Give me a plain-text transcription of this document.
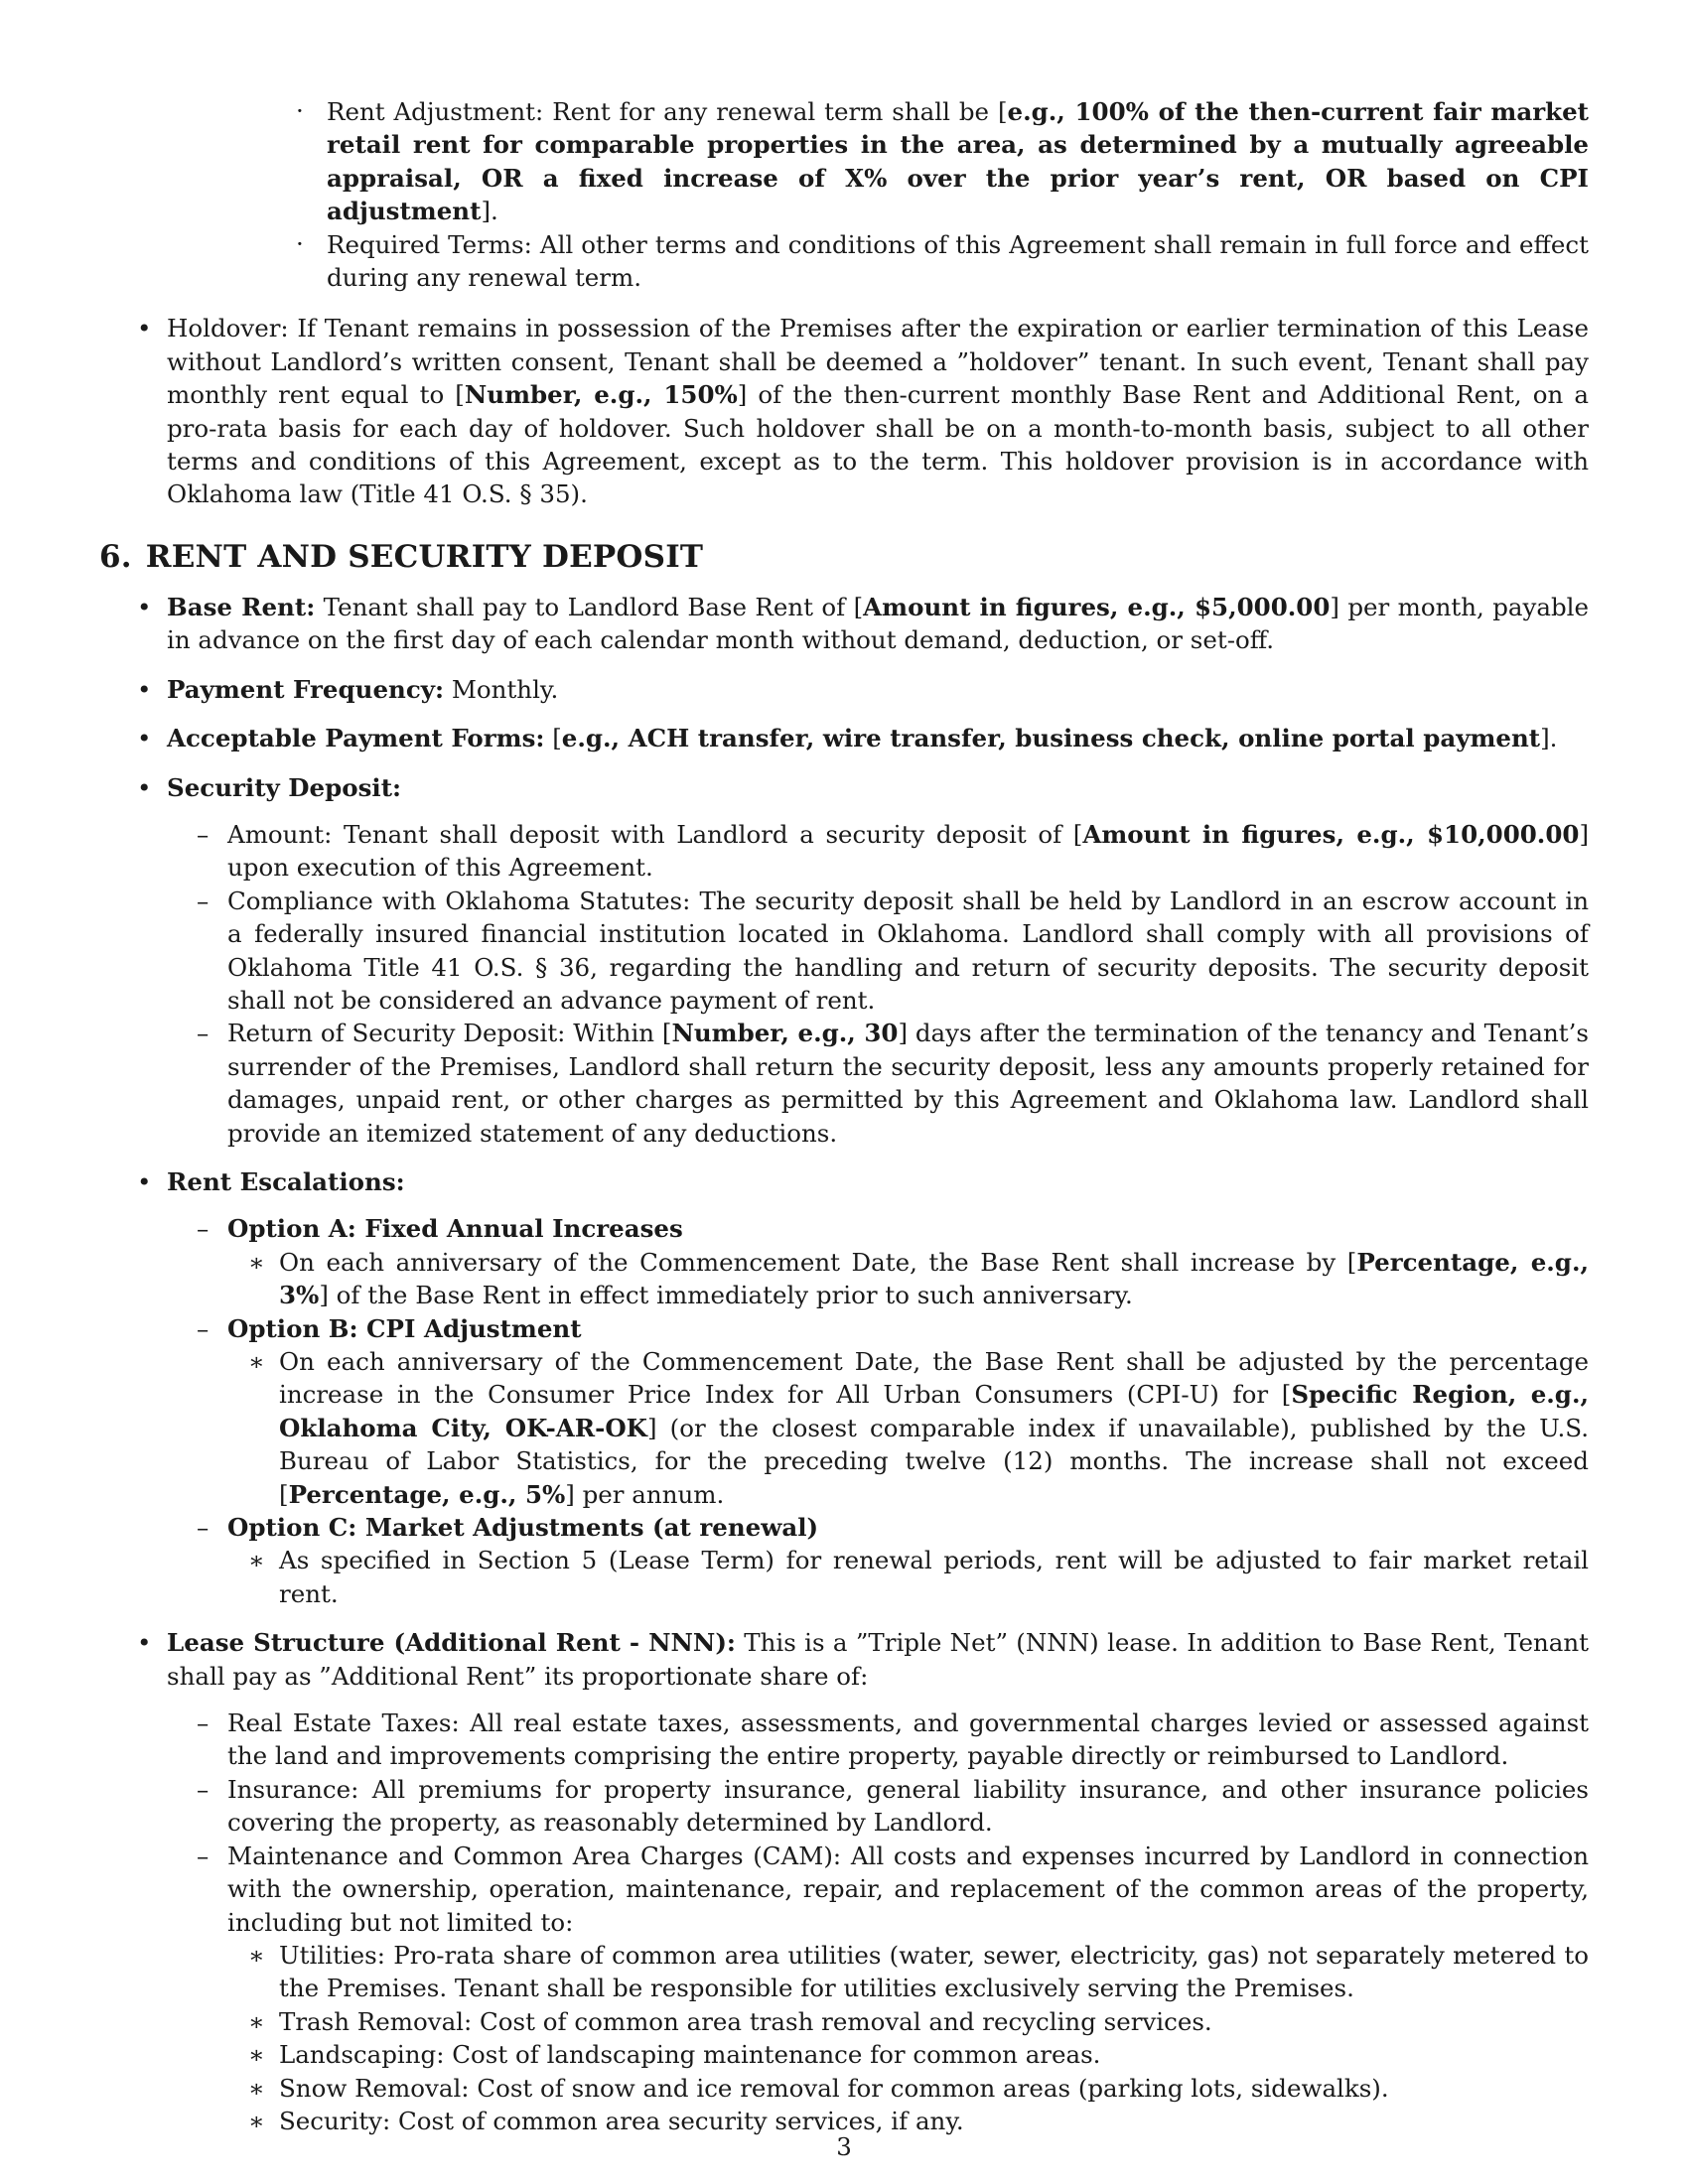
· Rent Adjustment: Rent for any renewal term shall be [e.g., 100% of the then-current fair market retail rent for comparable properties in the area, as determined by a mutually agreeable appraisal, OR a fixed increase of X% over the prior year’s rent, OR based on CPI adjustment].
· Required Terms: All other terms and conditions of this Agreement shall remain in full force and effect during any renewal term.
• Holdover: If Tenant remains in possession of the Premises after the expiration or earlier termination of this Lease without Landlord’s written consent, Tenant shall be deemed a ”holdover” tenant. In such event, Tenant shall pay monthly rent equal to [Number, e.g., 150%] of the then-current monthly Base Rent and Additional Rent, on a pro-rata basis for each day of holdover. Such holdover shall be on a month-to-month basis, subject to all other terms and conditions of this Agreement, except as to the term. This holdover provision is in accordance with Oklahoma law (Title 41 O.S. § 35).
6. RENT AND SECURITY DEPOSIT
• Base Rent: Tenant shall pay to Landlord Base Rent of [Amount in figures, e.g., $5,000.00] per month, payable in advance on the first day of each calendar month without demand, deduction, or set-off.
• Payment Frequency: Monthly.
• Acceptable Payment Forms: [e.g., ACH transfer, wire transfer, business check, online portal payment].
• Security Deposit:
– Amount: Tenant shall deposit with Landlord a security deposit of [Amount in figures, e.g., $10,000.00] upon execution of this Agreement.
– Compliance with Oklahoma Statutes: The security deposit shall be held by Landlord in an escrow account in a federally insured financial institution located in Oklahoma. Landlord shall comply with all provisions of Oklahoma Title 41 O.S. § 36, regarding the handling and return of security deposits. The security deposit shall not be considered an advance payment of rent.
– Return of Security Deposit: Within [Number, e.g., 30] days after the termination of the tenancy and Tenant’s surrender of the Premises, Landlord shall return the security deposit, less any amounts properly retained for damages, unpaid rent, or other charges as permitted by this Agreement and Oklahoma law. Landlord shall provide an itemized statement of any deductions.
• Rent Escalations:
– Option A: Fixed Annual Increases
∗ On each anniversary of the Commencement Date, the Base Rent shall increase by [Percentage, e.g., 3%] of the Base Rent in effect immediately prior to such anniversary.
– Option B: CPI Adjustment
∗ On each anniversary of the Commencement Date, the Base Rent shall be adjusted by the percentage increase in the Consumer Price Index for All Urban Consumers (CPI-U) for [Specific Region, e.g., Oklahoma City, OK-AR-OK] (or the closest comparable index if unavailable), published by the U.S. Bureau of Labor Statistics, for the preceding twelve (12) months. The increase shall not exceed [Percentage, e.g., 5%] per annum.
– Option C: Market Adjustments (at renewal)
∗ As specified in Section 5 (Lease Term) for renewal periods, rent will be adjusted to fair market retail rent.
• Lease Structure (Additional Rent - NNN): This is a ”Triple Net” (NNN) lease. In addition to Base Rent, Tenant shall pay as ”Additional Rent” its proportionate share of:
– Real Estate Taxes: All real estate taxes, assessments, and governmental charges levied or assessed against the land and improvements comprising the entire property, payable directly or reimbursed to Landlord.
– Insurance: All premiums for property insurance, general liability insurance, and other insurance policies covering the property, as reasonably determined by Landlord.
– Maintenance and Common Area Charges (CAM): All costs and expenses incurred by Landlord in connection with the ownership, operation, maintenance, repair, and replacement of the common areas of the property, including but not limited to:
∗ Utilities: Pro-rata share of common area utilities (water, sewer, electricity, gas) not separately metered to the Premises. Tenant shall be responsible for utilities exclusively serving the Premises.
∗ Trash Removal: Cost of common area trash removal and recycling services.
∗ Landscaping: Cost of landscaping maintenance for common areas.
∗ Snow Removal: Cost of snow and ice removal for common areas (parking lots, sidewalks).
∗ Security: Cost of common area security services, if any.
3
